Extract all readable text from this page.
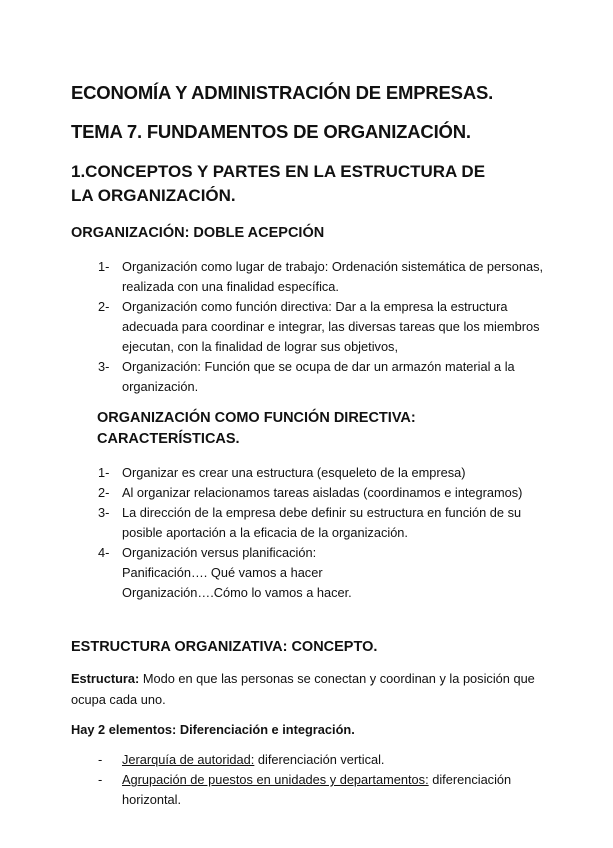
ECONOMÍA Y ADMINISTRACIÓN DE EMPRESAS.
TEMA 7. FUNDAMENTOS DE ORGANIZACIÓN.
1.CONCEPTOS Y PARTES EN LA ESTRUCTURA DE LA ORGANIZACIÓN.
ORGANIZACIÓN: DOBLE ACEPCIÓN
1- Organización como lugar de trabajo: Ordenación sistemática de personas, realizada con una finalidad específica.
2- Organización como función directiva: Dar a la empresa la estructura adecuada para coordinar e integrar, las diversas tareas que los miembros ejecutan, con la finalidad de lograr sus objetivos,
3- Organización: Función que se ocupa de dar un armazón material a la organización.
ORGANIZACIÓN COMO FUNCIÓN DIRECTIVA:
CARACTERÍSTICAS.
1- Organizar es crear una estructura (esqueleto de la empresa)
2- Al organizar relacionamos tareas aisladas (coordinamos e integramos)
3- La dirección de la empresa debe definir su estructura en función de su posible aportación a la eficacia de la organización.
4- Organización versus planificación:
Panificación…. Qué vamos a hacer
Organización….Cómo lo vamos a hacer.
ESTRUCTURA ORGANIZATIVA: CONCEPTO.
Estructura: Modo en que las personas se conectan y coordinan y la posición que ocupa cada uno.
Hay 2 elementos: Diferenciación e integración.
- Jerarquía de autoridad: diferenciación vertical.
- Agrupación de puestos en unidades y departamentos: diferenciación horizontal.
